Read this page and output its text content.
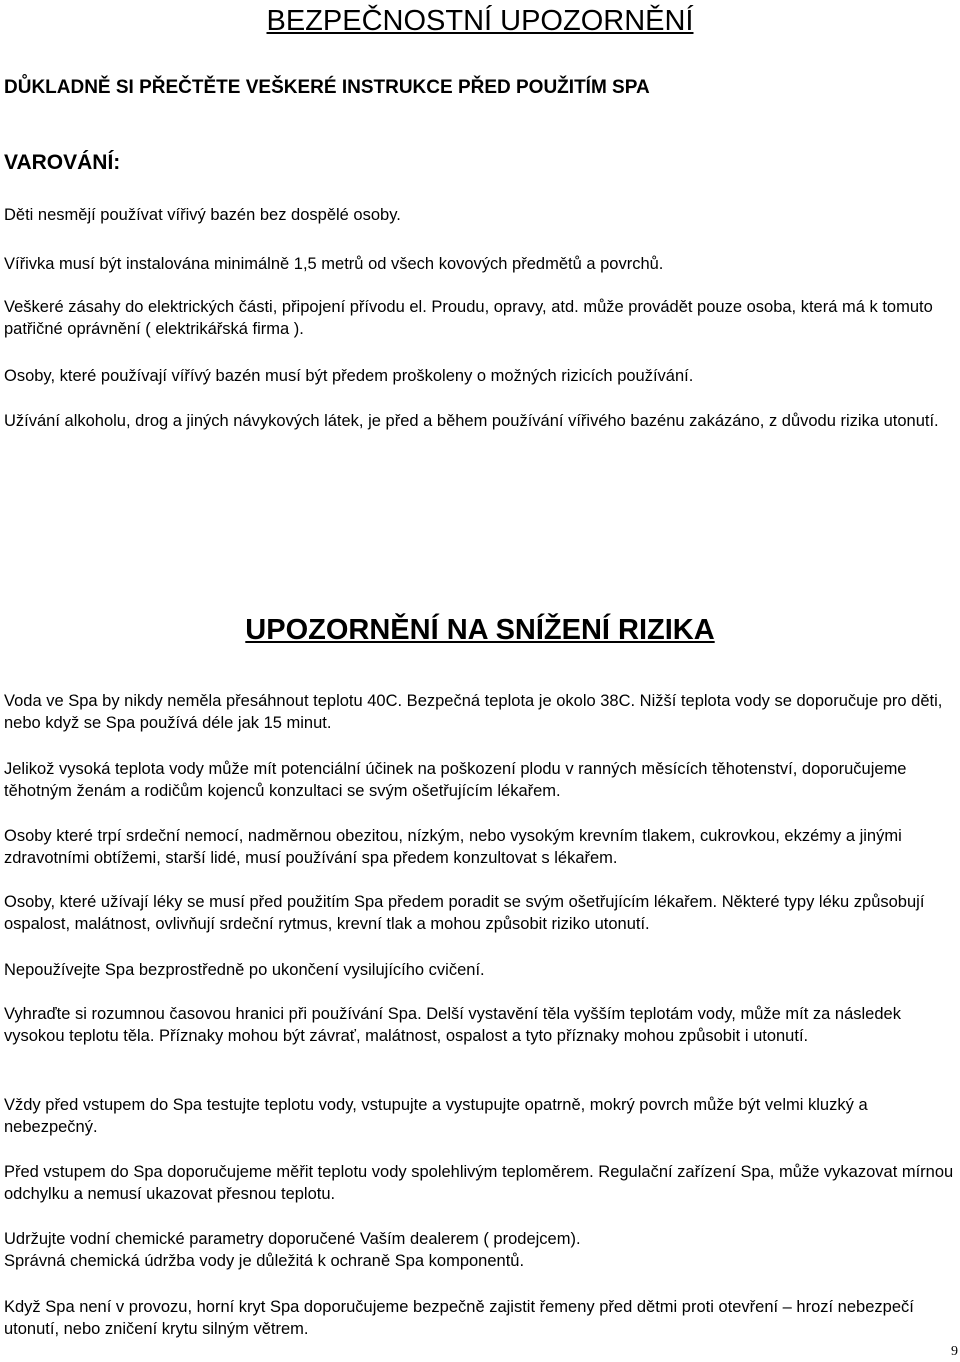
BEZPEČNOSTNÍ UPOZORNĚNÍ

DŮKLADNĚ SI PŘEČTĚTE VEŠKERÉ INSTRUKCE PŘED POUŽITÍM SPA

VAROVÁNÍ:

Děti nesmějí používat vířivý bazén bez dospělé osoby.

Vířivka musí být instalována minimálně 1,5 metrů od všech kovových předmětů a povrchů.

Veškeré zásahy do elektrických části, připojení přívodu el. Proudu, opravy, atd. může provádět pouze osoba, která má k tomuto patřičné oprávnění ( elektrikářská firma ).

Osoby, které používají vířívý bazén musí být předem proškoleny o možných rizicích používání.

Užívání alkoholu, drog a jiných návykových látek, je před a během používání vířivého bazénu zakázáno, z důvodu rizika utonutí.

UPOZORNĚNÍ NA SNÍŽENÍ RIZIKA

Voda ve Spa by nikdy neměla přesáhnout teplotu 40C. Bezpečná teplota je okolo 38C. Nižší teplota vody se doporučuje pro děti, nebo když se Spa používá déle jak 15 minut.

Jelikož vysoká teplota vody může mít potenciální účinek na poškození plodu v ranných měsících těhotenství, doporučujeme těhotným ženám a rodičům kojenců konzultaci se svým ošetřujícím lékařem.

Osoby které trpí srdeční nemocí, nadměrnou obezitou, nízkým, nebo vysokým krevním tlakem, cukrovkou, ekzémy a jinými zdravotními obtížemi, starší lidé, musí používání spa předem konzultovat s lékařem.

Osoby, které užívají léky se musí před použitím Spa předem poradit se svým ošetřujícím lékařem. Některé typy léku způsobují ospalost, malátnost, ovlivňují srdeční rytmus, krevní tlak a mohou způsobit riziko utonutí.

Nepoužívejte Spa bezprostředně po ukončení vysilujícího cvičení.

Vyhraďte si rozumnou časovou hranici při používání Spa. Delší vystavění těla vyšším teplotám vody, může mít za následek vysokou teplotu těla. Příznaky mohou být závrať, malátnost, ospalost a tyto příznaky mohou způsobit i utonutí.

Vždy před vstupem do Spa testujte teplotu vody, vstupujte a vystupujte opatrně, mokrý povrch může být velmi kluzký a nebezpečný.

Před vstupem do Spa doporučujeme měřit teplotu vody spolehlivým teploměrem. Regulační zařízení Spa, může vykazovat mírnou odchylku a nemusí ukazovat přesnou teplotu.

Udržujte vodní chemické parametry doporučené Vaším dealerem ( prodejcem).

Správná chemická údržba vody je důležitá k ochraně Spa komponentů.

Když Spa není v provozu, horní kryt Spa doporučujeme bezpečně zajistit řemeny před dětmi proti otevření – hrozí nebezpečí utonutí, nebo zničení krytu silným větrem.

9
